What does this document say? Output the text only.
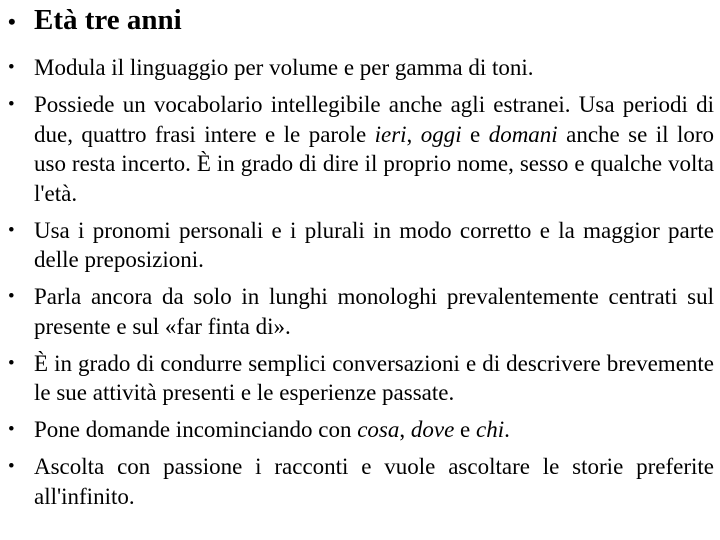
• Età tre anni
• Modula il linguaggio per volume e per gamma di toni.
• Possiede un vocabolario intellegibile anche agli estranei. Usa periodi di due, quattro frasi intere e le parole ieri, oggi e domani anche se il loro uso resta incerto. È in grado di dire il proprio nome, sesso e qualche volta l'età.
• Usa i pronomi personali e i plurali in modo corretto e la maggior parte delle preposizioni.
• Parla ancora da solo in lunghi monologhi prevalentemente centrati sul presente e sul «far finta di».
• È in grado di condurre semplici conversazioni e di descrivere brevemente le sue attività presenti e le esperienze passate.
• Pone domande incominciando con cosa, dove e chi.
• Ascolta con passione i racconti e vuole ascoltare le storie preferite all'infinito.
